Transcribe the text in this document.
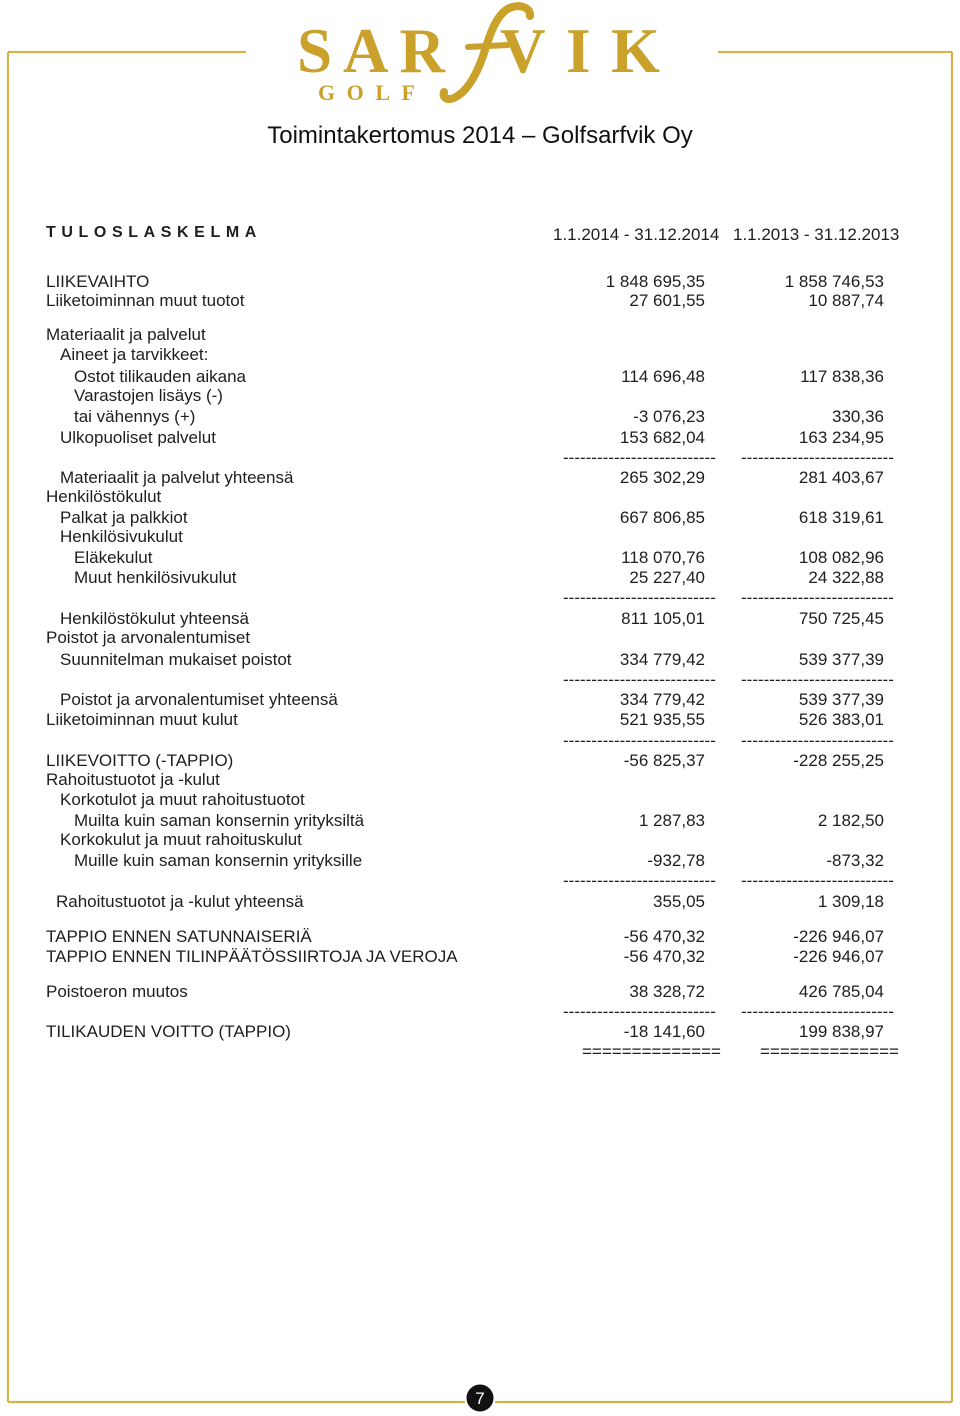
7
SAR VIK
GOLF
Toimintakertomus 2014 – Golfsarfvik Oy
TULOSLASKELMA	1.1.2014 - 31.12.2014 1.1.2013 - 31.12.2013
LIIKEVAIHTO	1 848 695,35	1 858 746,53
Liiketoiminnan muut tuotot	27 601,55	10 887,74
Materiaalit ja palvelut
Aineet ja tarvikkeet:
Ostot tilikauden aikana	114 696,48	117 838,36
Varastojen lisäys (-)
tai vähennys (+)	-3 076,23	330,36
Ulkopuoliset palvelut	153 682,04	163 234,95
--------------------------- ---------------------------
Materiaalit ja palvelut yhteensä	265 302,29	281 403,67
Henkilöstökulut
Palkat ja palkkiot	667 806,85	618 319,61
Henkilösivukulut
Eläkekulut	118 070,76	108 082,96
Muut henkilösivukulut	25 227,40	24 322,88
--------------------------- ---------------------------
Henkilöstökulut yhteensä	811 105,01	750 725,45
Poistot ja arvonalentumiset
Suunnitelman mukaiset poistot	334 779,42	539 377,39
--------------------------- ---------------------------
Poistot ja arvonalentumiset yhteensä	334 779,42	539 377,39
Liiketoiminnan muut kulut	521 935,55	526 383,01
--------------------------- ---------------------------
LIIKEVOITTO (-TAPPIO)	-56 825,37	-228 255,25
Rahoitustuotot ja -kulut
Korkotulot ja muut rahoitustuotot
Muilta kuin saman konsernin yrityksiltä	1 287,83	2 182,50
Korkokulut ja muut rahoituskulut
Muille kuin saman konsernin yrityksille	-932,78	-873,32
--------------------------- ---------------------------
Rahoitustuotot ja -kulut yhteensä	355,05	1 309,18
TAPPIO ENNEN SATUNNAISERIÄ	-56 470,32	-226 946,07
TAPPIO ENNEN TILINPÄÄTÖSSIIRTOJA JA VEROJA	-56 470,32	-226 946,07
Poistoeron muutos	38 328,72	426 785,04
--------------------------- ---------------------------
TILIKAUDEN VOITTO (TAPPIO)	-18 141,60	199 838,97
============== ==============
